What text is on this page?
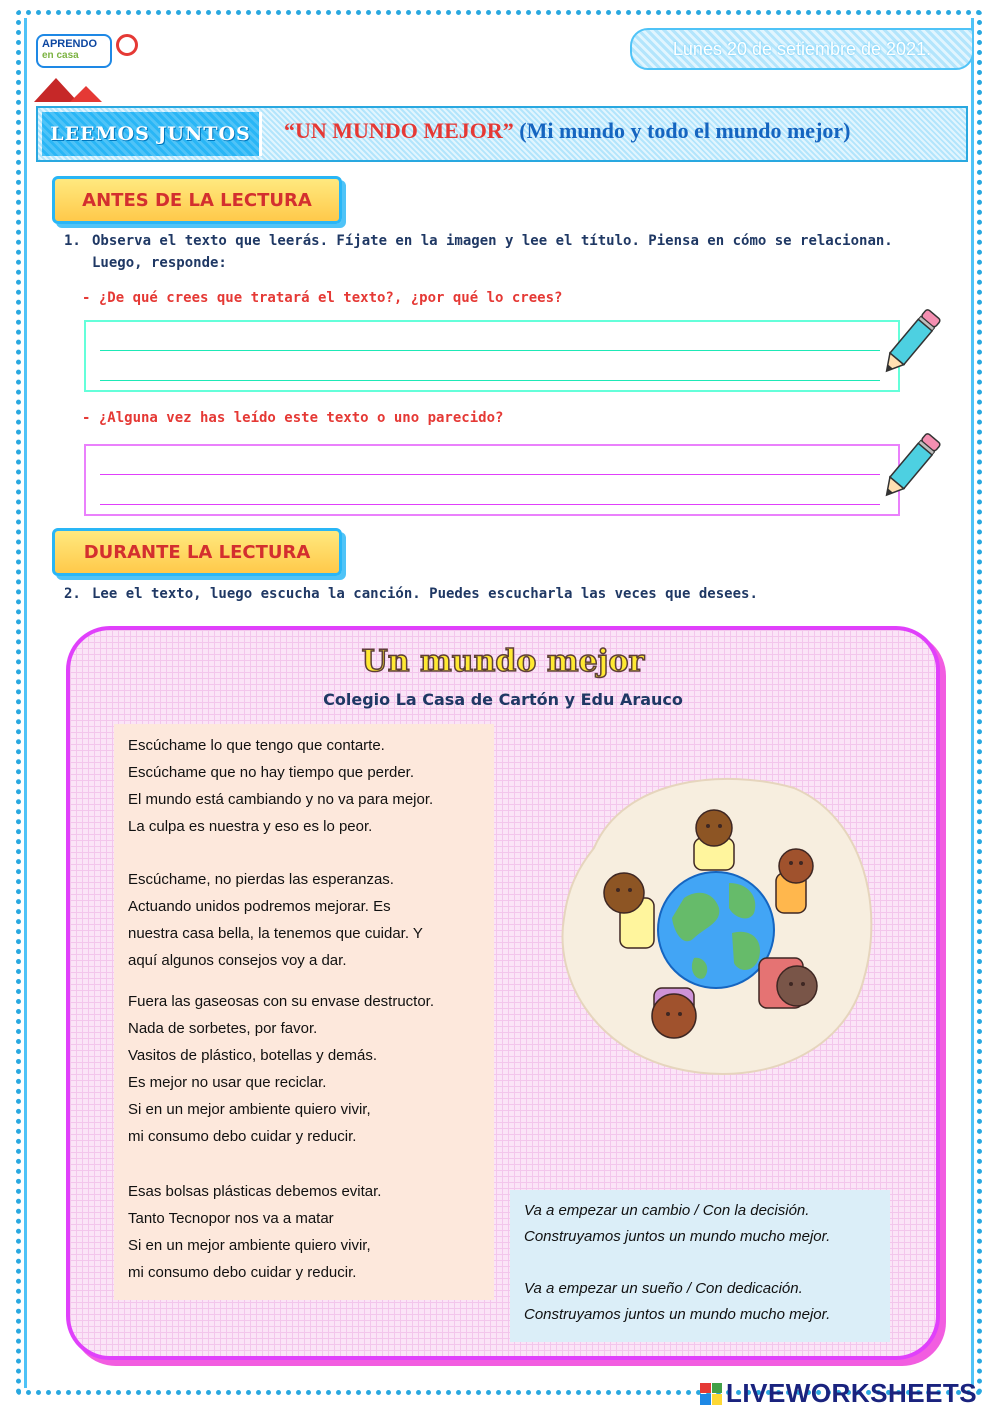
APRENDO
en casa	Lunes 20 de setiembre de 2021.
LEEMOS JUNTOS “UN MUNDO MEJOR” (Mi mundo y todo el mundo mejor)
ANTES DE LA LECTURA
1. Observa el texto que leerás. Fíjate en la imagen y lee el título. Piensa en cómo se relacionan.
Luego, responde:
- ¿De qué crees que tratará el texto?, ¿por qué lo crees?
- ¿Alguna vez has leído este texto o uno parecido?
DURANTE LA LECTURA
2. Lee el texto, luego escucha la canción. Puedes escucharla las veces que desees.
Un mundo mejor
Colegio La Casa de Cartón y Edu Arauco
Escúchame lo que tengo que contarte.
Escúchame que no hay tiempo que perder.
El mundo está cambiando y no va para mejor.
La culpa es nuestra y eso es lo peor.
Escúchame, no pierdas las esperanzas.
Actuando unidos podremos mejorar. Es
nuestra casa bella, la tenemos que cuidar. Y
aquí algunos consejos voy a dar.
Fuera las gaseosas con su envase destructor.
Nada de sorbetes, por favor.
Vasitos de plástico, botellas y demás.
Es mejor no usar que reciclar.
Si en un mejor ambiente quiero vivir,
mi consumo debo cuidar y reducir.
Esas bolsas plásticas debemos evitar.
Tanto Tecnopor nos va a matar
Si en un mejor ambiente quiero vivir,
mi consumo debo cuidar y reducir.
Va a empezar un cambio / Con la decisión.
Construyamos juntos un mundo mucho mejor.
Va a empezar un sueño / Con dedicación.
Construyamos juntos un mundo mucho mejor.
LIVEWORKSHEETS
